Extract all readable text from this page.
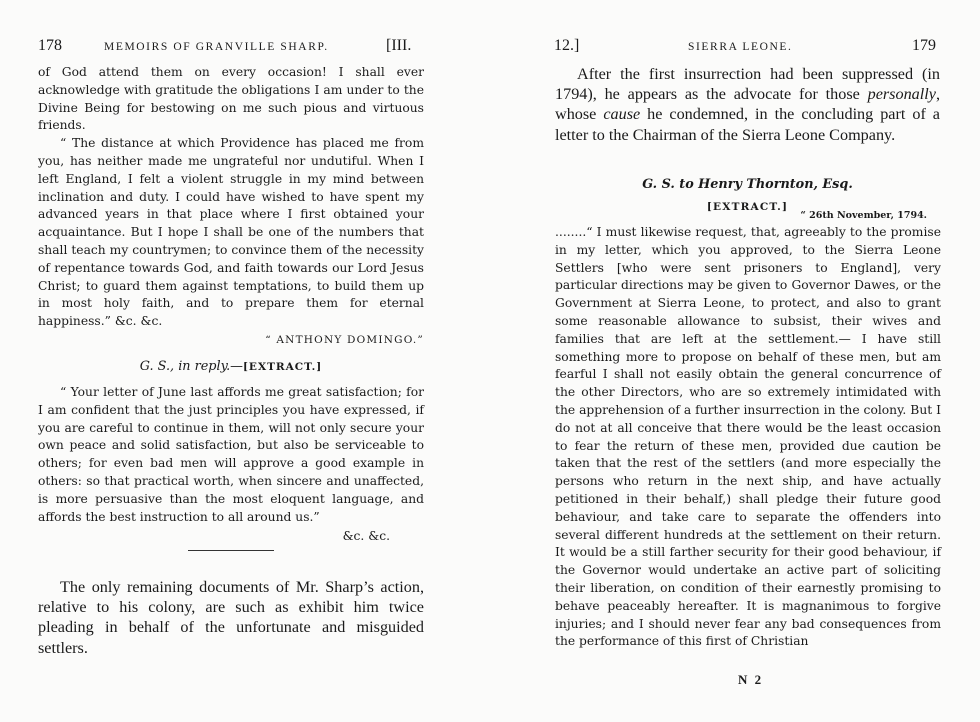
178	MEMOIRS OF GRANVILLE SHARP.	[III.

of God attend them on every occasion! I shall ever acknowledge with gratitude the obligations I am under to the Divine Being for bestowing on me such pious and virtuous friends.

“ The distance at which Providence has placed me from you, has neither made me ungrateful nor undutiful. When I left England, I felt a violent struggle in my mind between inclination and duty. I could have wished to have spent my advanced years in that place where I first obtained your acquaintance. But I hope I shall be one of the numbers that shall teach my countrymen; to convince them of the necessity of repentance towards God, and faith towards our Lord Jesus Christ; to guard them against temptations, to build them up in most holy faith, and to prepare them for eternal happiness.” &c. &c.

“ ANTHONY DOMINGO.”

G. S., in reply.—[EXTRACT.]

“ Your letter of June last affords me great satisfaction; for I am confident that the just principles you have expressed, if you are careful to continue in them, will not only secure your own peace and solid satisfaction, but also be serviceable to others; for even bad men will approve a good example in others: so that practical worth, when sincere and unaffected, is more persuasive than the most eloquent language, and affords the best instruction to all around us.”

&c. &c.

The only remaining documents of Mr. Sharp’s action, relative to his colony, are such as exhibit him twice pleading in behalf of the unfortunate and misguided settlers.

12.]	SIERRA LEONE.	179

After the first insurrection had been suppressed (in 1794), he appears as the advocate for those personally, whose cause he condemned, in the concluding part of a letter to the Chairman of the Sierra Leone Company.

G. S. to Henry Thornton, Esq.
[EXTRACT.]
“ 26th November, 1794.

........“ I must likewise request, that, agreeably to the promise in my letter, which you approved, to the Sierra Leone Settlers [who were sent prisoners to England], very particular directions may be given to Governor Dawes, or the Government at Sierra Leone, to protect, and also to grant some reasonable allowance to subsist, their wives and families that are left at the settlement.— I have still something more to propose on behalf of these men, but am fearful I shall not easily obtain the general concurrence of the other Directors, who are so extremely intimidated with the apprehension of a further insurrection in the colony. But I do not at all conceive that there would be the least occasion to fear the return of these men, provided due caution be taken that the rest of the settlers (and more especially the persons who return in the next ship, and have actually petitioned in their behalf,) shall pledge their future good behaviour, and take care to separate the offenders into several different hundreds at the settlement on their return. It would be a still farther security for their good behaviour, if the Governor would undertake an active part of soliciting their liberation, on condition of their earnestly promising to behave peaceably hereafter. It is magnanimous to forgive injuries; and I should never fear any bad consequences from the performance of this first of Christian

N 2
